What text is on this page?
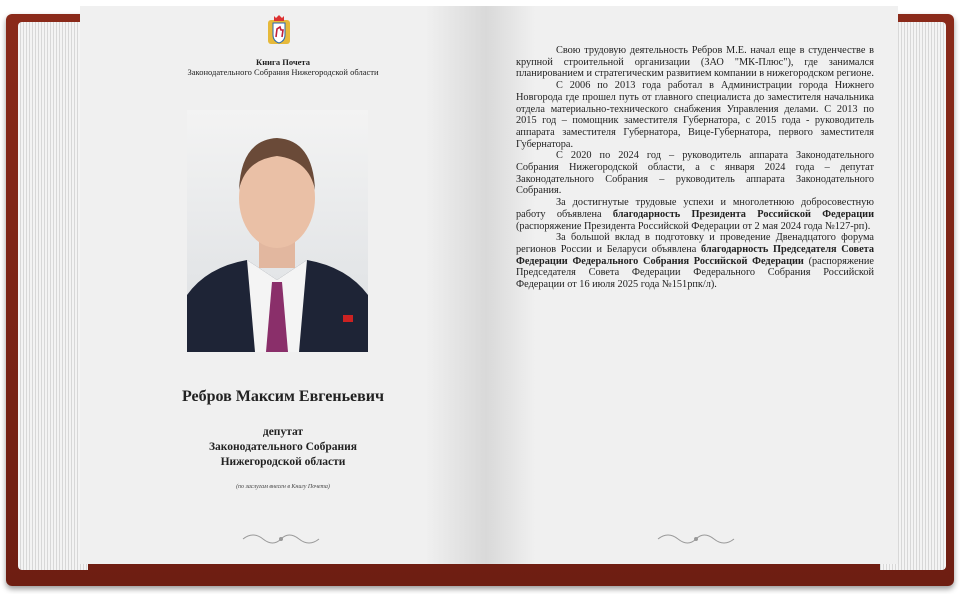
Книга Почета
Законодательного Собрания Нижегородской области
Ребров Максим Евгеньевич
депутат
Законодательного Собрания
Нижегородской области
(по заслугам внесен в Книгу Почета)

Свою трудовую деятельность Ребров М.Е. начал еще в студенчестве в крупной строительной организации (ЗАО "МК-Плюс"), где занимался планированием и стратегическим развитием компании в нижегородском регионе.

С 2006 по 2013 года работал в Администрации города Нижнего Новгорода где прошел путь от главного специалиста до заместителя начальника отдела материально-технического снабжения Управления делами. С 2013 по 2015 год – помощник заместителя Губернатора, с 2015 года - руководитель аппарата заместителя Губернатора, Вице-Губернатора, первого заместителя Губернатора.

С 2020 по 2024 год – руководитель аппарата Законодательного Собрания Нижегородской области, а с января 2024 года – депутат Законодательного Собрания – руководитель аппарата Законодательного Собрания.

За достигнутые трудовые успехи и многолетнюю добросовестную работу объявлена благодарность Президента Российской Федерации (распоряжение Президента Российской Федерации от 2 мая 2024 года №127-рп).

За большой вклад в подготовку и проведение Двенадцатого форума регионов России и Беларуси объявлена благодарность Председателя Совета Федерации Федерального Собрания Российской Федерации (распоряжение Председателя Совета Федерации Федерального Собрания Российской Федерации от 16 июля 2025 года №151рпк/л).
